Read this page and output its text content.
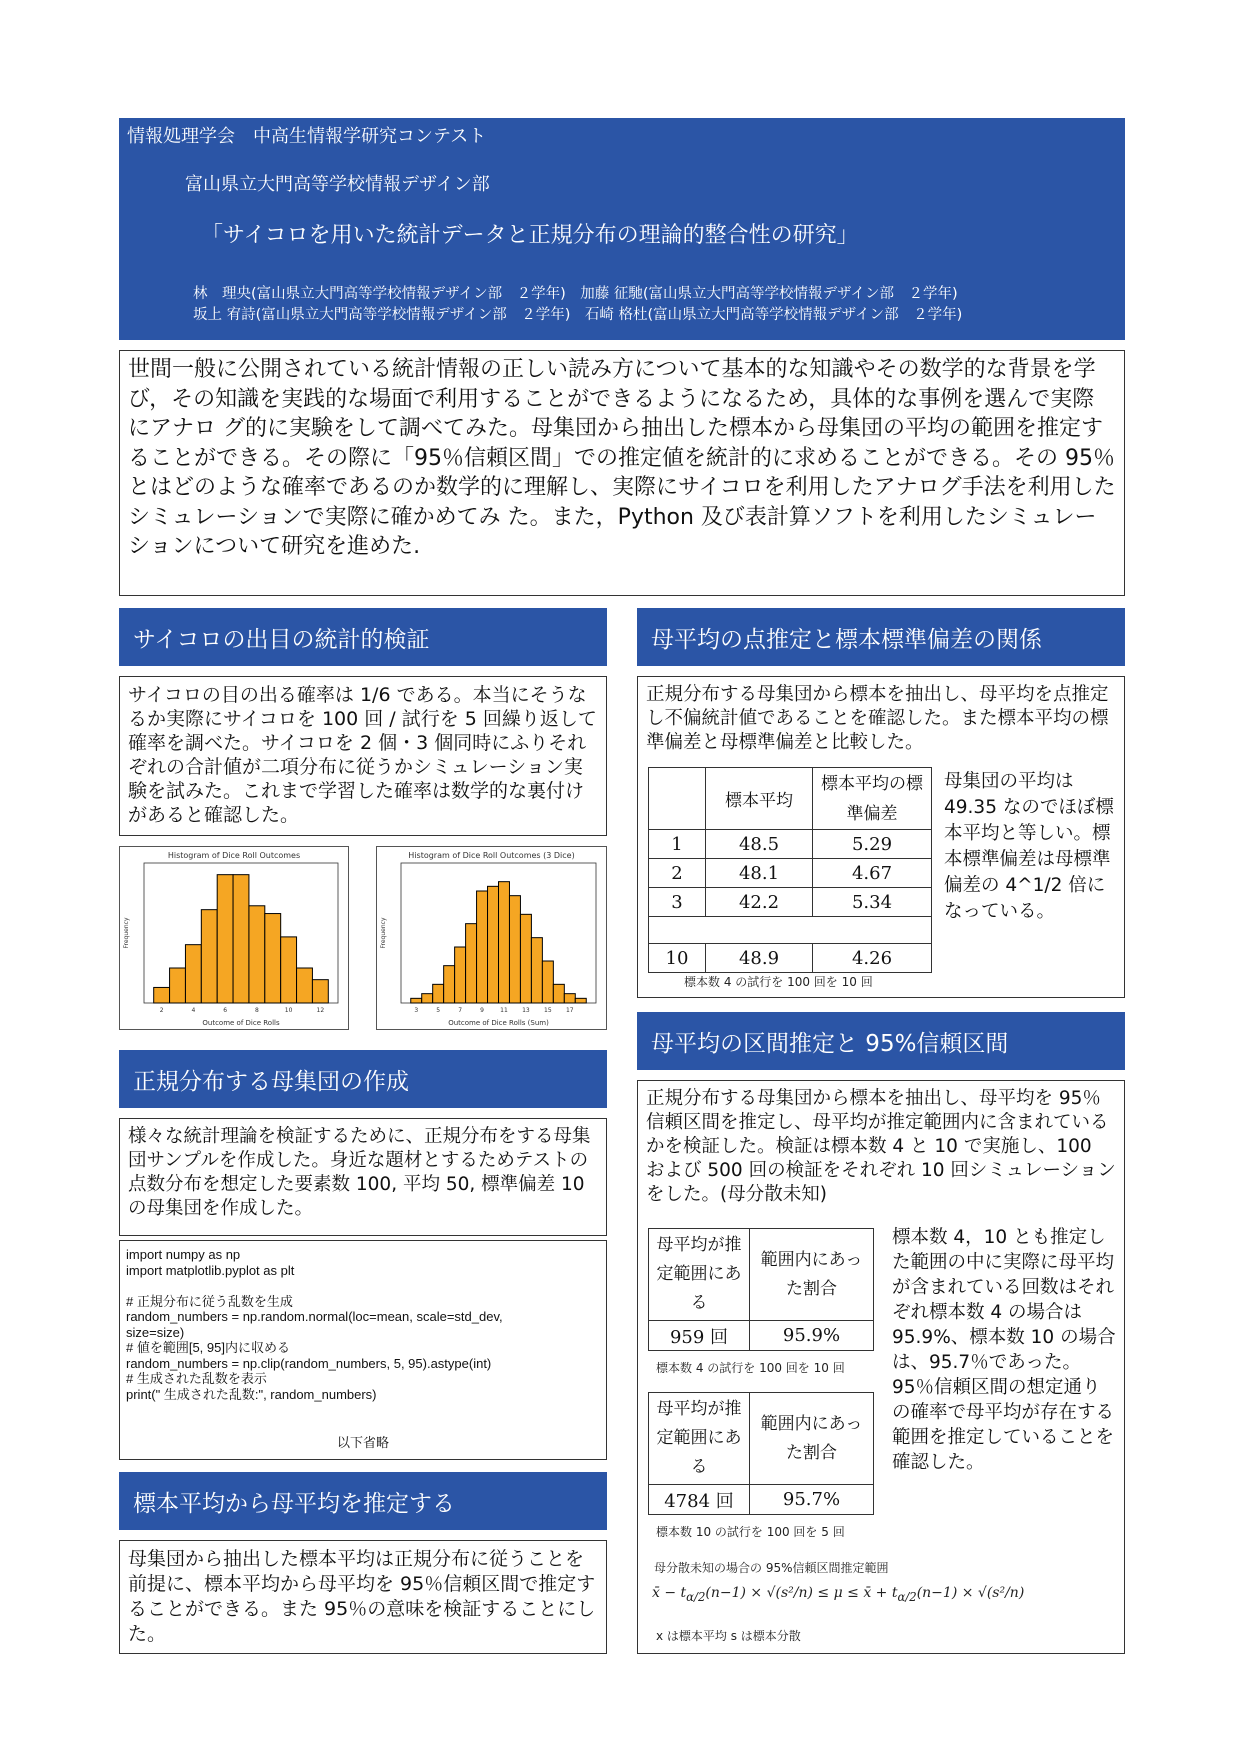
情報処理学会　中高生情報学研究コンテスト
富山県立大門高等学校情報デザイン部
「サイコロを用いた統計データと正規分布の理論的整合性の研究」
林　理央(富山県立大門高等学校情報デザイン部　２学年)　加藤 征馳(富山県立大門高等学校情報デザイン部　２学年)
坂上 宥詩(富山県立大門高等学校情報デザイン部　２学年)　石崎 格杜(富山県立大門高等学校情報デザイン部　２学年)
世間一般に公開されている統計情報の正しい読み方について基本的な知識やその数学的な背景を学び，その知識を実践的な場面で利用することができるようになるため，具体的な事例を選んで実際にアナロ グ的に実験をして調べてみた。母集団から抽出した標本から母集団の平均の範囲を推定することができる。その際に「95％信頼区間」での推定値を統計的に求めることができる。その 95％とはどのような確率であるのか数学的に理解し、実際にサイコロを利用したアナログ手法を利用したシミュレーションで実際に確かめてみ た。また，Python 及び表計算ソフトを利用したシミュレー ションについて研究を進めた.
サイコロの出目の統計的検証
サイコロの目の出る確率は 1/6 である。本当にそうなるか実際にサイコロを 100 回 / 試行を 5 回繰り返して確率を調べた。サイコロを 2 個・3 個同時にふりそれぞれの合計値が二項分布に従うかシミュレーション実験を試みた。これまで学習した確率は数学的な裏付けがあると確認した。
Histogram of Dice Roll Outcomes
2	4	6	8	10	12
Outcome of Dice Rolls
Frequency
Histogram of Dice Roll Outcomes (3 Dice)
3	5	7	9	11 13 15 17
Outcome of Dice Rolls (Sum)
Frequency
正規分布する母集団の作成
様々な統計理論を検証するために、正規分布をする母集団サンプルを作成した。身近な題材とするためテストの点数分布を想定した要素数 100, 平均 50, 標準偏差 10 の母集団を作成した。
import numpy as np
import matplotlib.pyplot as plt

# 正規分布に従う乱数を生成
random_numbers = np.random.normal(loc=mean, scale=std_dev,
size=size)
# 値を範囲[5, 95]内に収める
random_numbers = np.clip(random_numbers, 5, 95).astype(int)
# 生成された乱数を表示
print(" 生成された乱数:", random_numbers)
以下省略
標本平均から母平均を推定する
母集団から抽出した標本平均は正規分布に従うことを前提に、標本平均から母平均を 95％信頼区間で推定することができる。また 95％の意味を検証することにした。
母平均の点推定と標本標準偏差の関係
正規分布する母集団から標本を抽出し、母平均を点推定し不偏統計値であることを確認した。また標本平均の標準偏差と母標準偏差と比較した。
	標本平均	標本平均の標準偏差
1	48.5	5.29
2	48.1	4.67
3	42.2	5.34

10	48.9	4.26
標本数 4 の試行を 100 回を 10 回
母集団の平均は 49.35 なのでほぼ標本平均と等しい。標本標準偏差は母標準偏差の 4^1/2 倍になっている。
母平均の区間推定と 95%信頼区間
正規分布する母集団から標本を抽出し、母平均を 95％信頼区間を推定し、母平均が推定範囲内に含まれているかを検証した。検証は標本数 4 と 10 で実施し、100 および 500 回の検証をそれぞれ 10 回シミュレーションをした。(母分散未知)
母平均が推定範囲にある	範囲内にあった割合
959 回	95.9%
標本数 4 の試行を 100 回を 10 回
母平均が推定範囲にある	範囲内にあった割合
4784 回	95.7%
標本数 10 の試行を 100 回を 5 回
標本数 4，10 とも推定した範囲の中に実際に母平均が含まれている回数はそれぞれ標本数 4 の場合は 95.9%、標本数 10 の場合は、95.7％であった。95％信頼区間の想定通りの確率で母平均が存在する範囲を推定していることを確認した。
母分散未知の場合の 95%信頼区間推定範囲
x̄ − $t_{\alpha/2}(n-1) \times √(s^2/n) \le \mu$ ≤ x̄ + $t_{\alpha/2}(n-1) \times √(s^2/n)$
x は標本平均 s は標本分散
